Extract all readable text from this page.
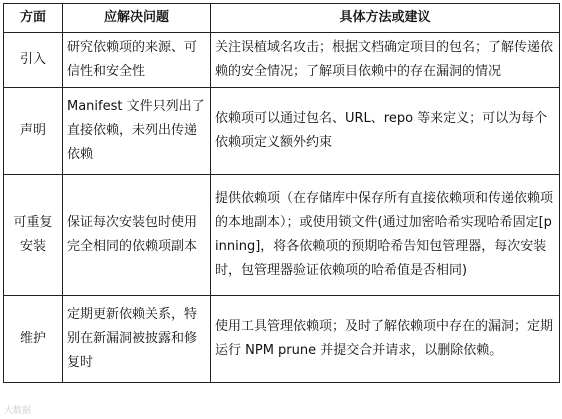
方面	应解决问题	具体方法或建议
引入	研究依赖项的来源、可信性和安全性	关注误植域名攻击；根据文档确定项目的包名；了解传递依赖的安全情况；了解项目依赖中的存在漏洞的情况
声明	Manifest 文件只列出了直接依赖，未列出传递依赖	依赖项可以通过包名、URL、repo 等来定义；可以为每个依赖项定义额外约束
可重复安装	保证每次安装包时使用完全相同的依赖项副本	提供依赖项（在存储库中保存所有直接依赖项和传递依赖项的本地副本）；或使用锁文件(通过加密哈希实现哈希固定[pinning]，将各依赖项的预期哈希告知包管理器，每次安装时，包管理器验证依赖项的哈希值是否相同)
维护	定期更新依赖关系，特别在新漏洞被披露和修复时	使用工具管理依赖项；及时了解依赖项中存在的漏洞；定期运行 NPM prune 并提交合并请求，以删除依赖。
大数据
